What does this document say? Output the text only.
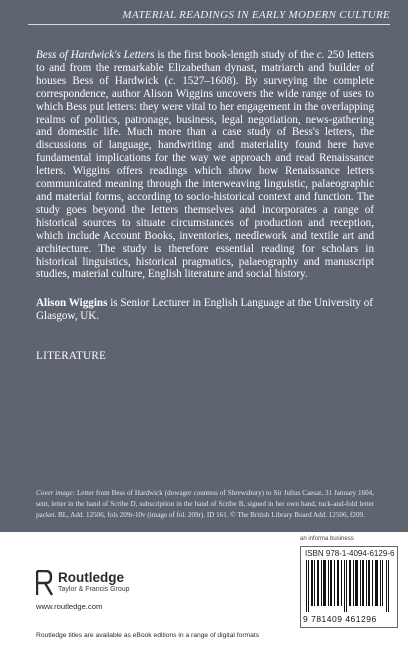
MATERIAL READINGS IN EARLY MODERN CULTURE
Bess of Hardwick's Letters is the first book-length study of the c. 250 letters to and from the remarkable Elizabethan dynast, matriarch and builder of houses Bess of Hardwick (c. 1527–1608). By surveying the complete correspondence, author Alison Wiggins uncovers the wide range of uses to which Bess put letters: they were vital to her engagement in the overlapping realms of politics, patronage, business, legal negotiation, news-gathering and domestic life. Much more than a case study of Bess's letters, the discussions of language, handwriting and materiality found here have fundamental implications for the way we approach and read Renaissance letters. Wiggins offers readings which show how Renaissance letters communicated meaning through the interweaving linguistic, palaeographic and material forms, according to socio-historical context and function. The study goes beyond the letters themselves and incorporates a range of historical sources to situate circumstances of production and reception, which include Account Books, inventories, needlework and textile art and architecture. The study is therefore essential reading for scholars in historical linguistics, historical pragmatics, palaeography and manuscript studies, material culture, English literature and social history.
Alison Wiggins is Senior Lecturer in English Language at the University of Glasgow, UK.
LITERATURE
Cover image: Letter from Bess of Hardwick (dowager countess of Shrewsbury) to Sir Julius Caesar, 31 January 1604, sent, letter in the hand of Scribe D, subscription in the hand of Scribe B, signed in her own hand, tuck-and-fold letter packet. BL, Add. 12506, fols 209r-10v (image of fol. 209r). ID 161. © The British Library Board Add. 12506, f209.
Routledge
Taylor & Francis Group
www.routledge.com
an informa business
ISBN 978-1-4094-6129-6
9 781409 461296
Routledge titles are available as eBook editions in a range of digital formats
